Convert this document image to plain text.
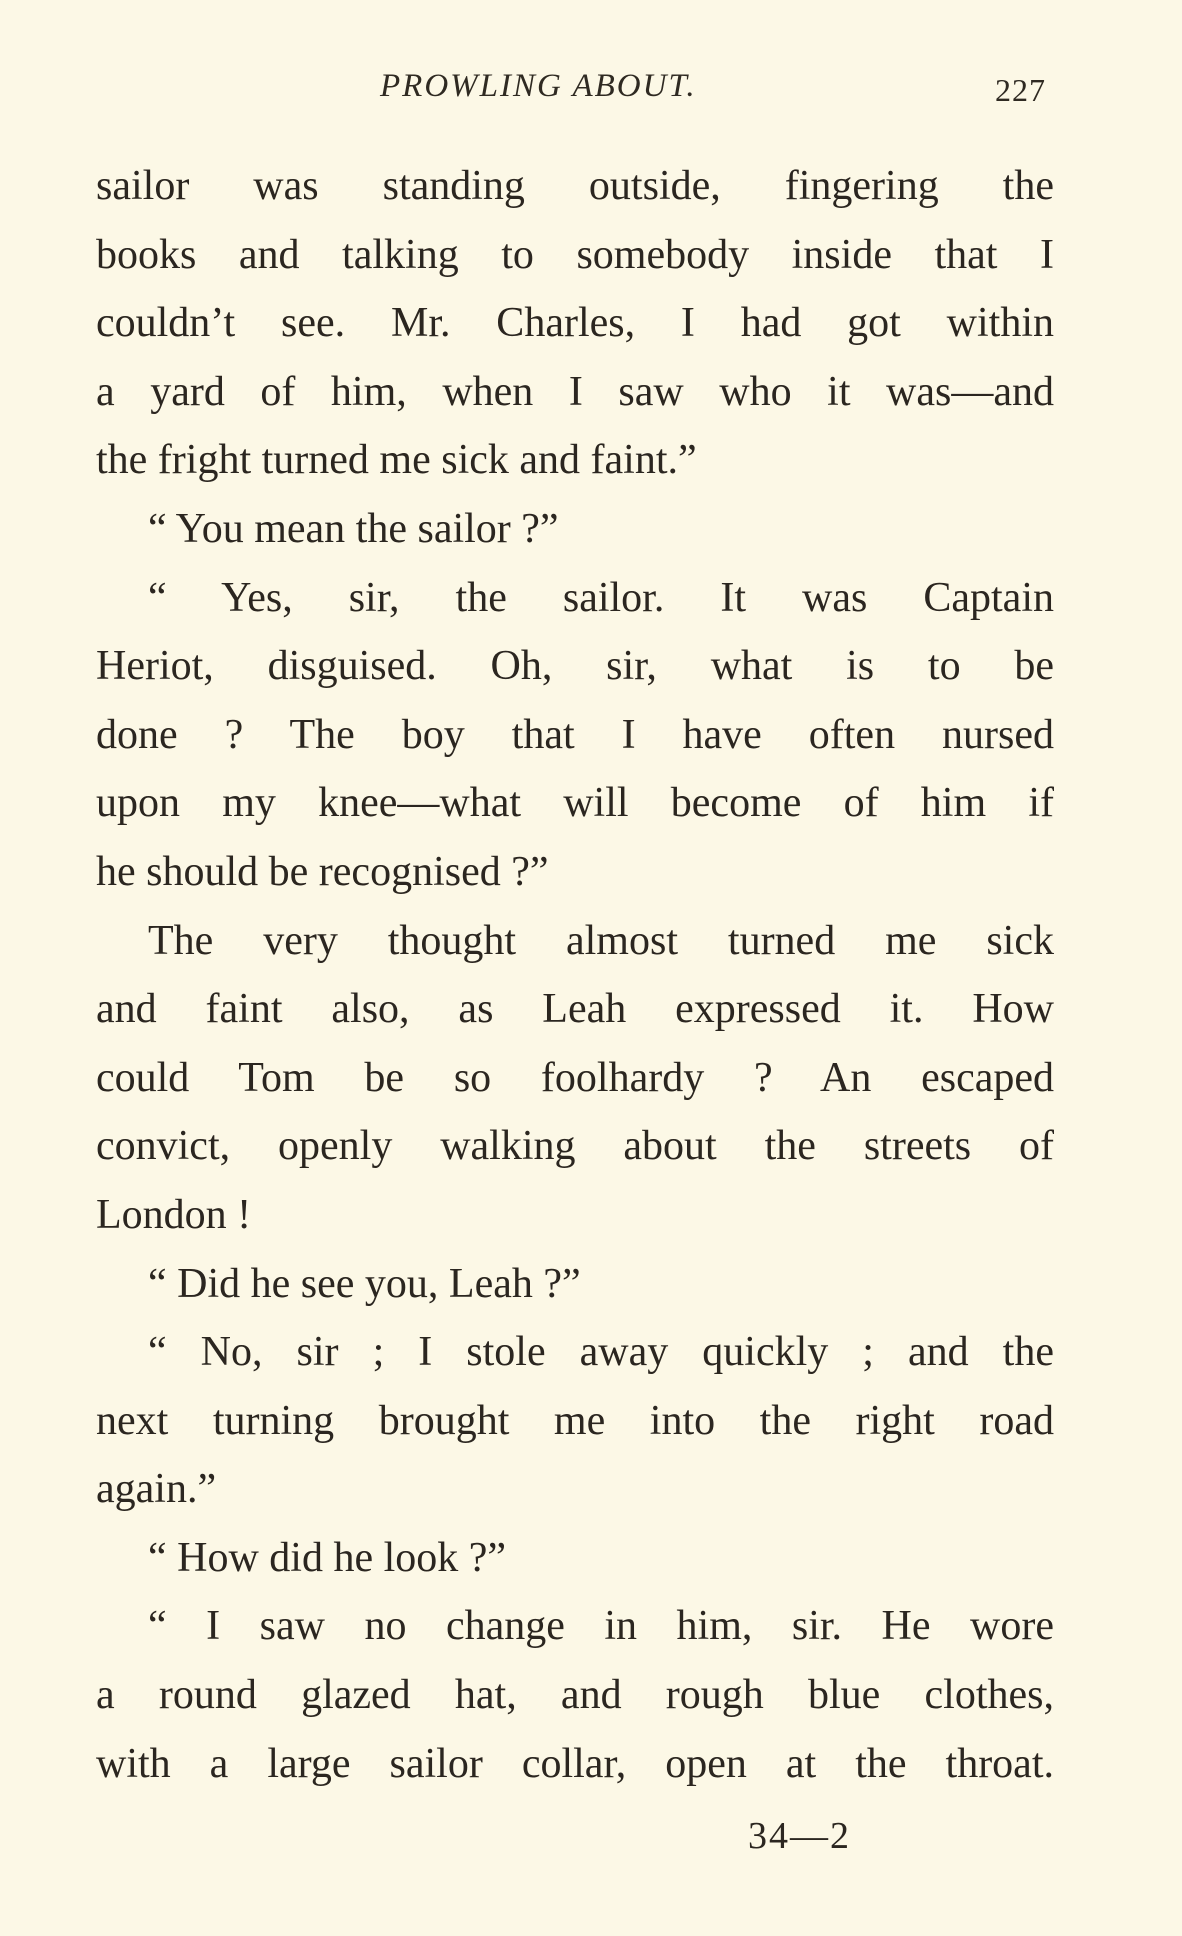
PROWLING ABOUT.	227
sailor was standing outside, fingering the
books and talking to somebody inside that I
couldn’t see. Mr. Charles, I had got within
a yard of him, when I saw who it was—and
the fright turned me sick and faint.”
“ You mean the sailor ?”
“ Yes, sir, the sailor. It was Captain
Heriot, disguised. Oh, sir, what is to be
done ? The boy that I have often nursed
upon my knee—what will become of him if
he should be recognised ?”
The very thought almost turned me sick
and faint also, as Leah expressed it. How
could Tom be so foolhardy ? An escaped
convict, openly walking about the streets of
London !
“ Did he see you, Leah ?”
“ No, sir ; I stole away quickly ; and the
next turning brought me into the right road
again.”
“ How did he look ?”
“ I saw no change in him, sir. He wore
a round glazed hat, and rough blue clothes,
with a large sailor collar, open at the throat.
34—2
